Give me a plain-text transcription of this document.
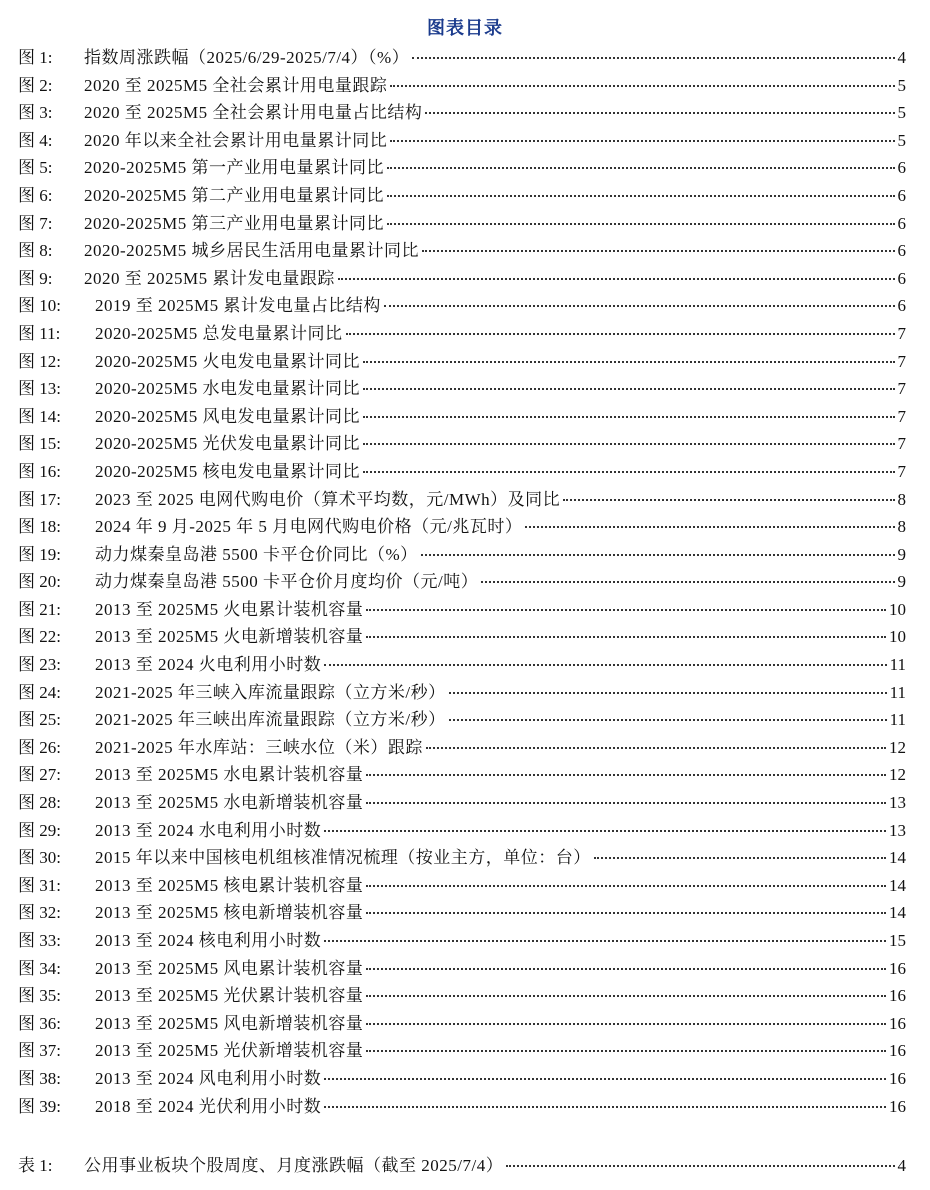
图表目录
图 1:	指数周涨跌幅（2025/6/29-2025/7/4）（%）	4
图 2:	2020 至 2025M5 全社会累计用电量跟踪	5
图 3:	2020 至 2025M5 全社会累计用电量占比结构	5
图 4:	2020 年以来全社会累计用电量累计同比	5
图 5:	2020-2025M5 第一产业用电量累计同比	6
图 6:	2020-2025M5 第二产业用电量累计同比	6
图 7:	2020-2025M5 第三产业用电量累计同比	6
图 8:	2020-2025M5 城乡居民生活用电量累计同比	6
图 9:	2020 至 2025M5 累计发电量跟踪	6
图 10:	2019 至 2025M5 累计发电量占比结构	6
图 11:	2020-2025M5 总发电量累计同比	7
图 12:	2020-2025M5 火电发电量累计同比	7
图 13:	2020-2025M5 水电发电量累计同比	7
图 14:	2020-2025M5 风电发电量累计同比	7
图 15:	2020-2025M5 光伏发电量累计同比	7
图 16:	2020-2025M5 核电发电量累计同比	7
图 17:	2023 至 2025 电网代购电价（算术平均数，元/MWh）及同比	8
图 18:	2024 年 9 月-2025 年 5 月电网代购电价格（元/兆瓦时）	8
图 19:	动力煤秦皇岛港 5500 卡平仓价同比（%）	9
图 20:	动力煤秦皇岛港 5500 卡平仓价月度均价（元/吨）	9
图 21:	2013 至 2025M5 火电累计装机容量	10
图 22:	2013 至 2025M5 火电新增装机容量	10
图 23:	2013 至 2024 火电利用小时数	11
图 24:	2021-2025 年三峡入库流量跟踪（立方米/秒）	11
图 25:	2021-2025 年三峡出库流量跟踪（立方米/秒）	11
图 26:	2021-2025 年水库站：三峡水位（米）跟踪	12
图 27:	2013 至 2025M5 水电累计装机容量	12
图 28:	2013 至 2025M5 水电新增装机容量	13
图 29:	2013 至 2024 水电利用小时数	13
图 30:	2015 年以来中国核电机组核准情况梳理（按业主方，单位：台）	14
图 31:	2013 至 2025M5 核电累计装机容量	14
图 32:	2013 至 2025M5 核电新增装机容量	14
图 33:	2013 至 2024 核电利用小时数	15
图 34:	2013 至 2025M5 风电累计装机容量	16
图 35:	2013 至 2025M5 光伏累计装机容量	16
图 36:	2013 至 2025M5 风电新增装机容量	16
图 37:	2013 至 2025M5 光伏新增装机容量	16
图 38:	2013 至 2024 风电利用小时数	16
图 39:	2018 至 2024 光伏利用小时数	16
表 1:	公用事业板块个股周度、月度涨跌幅（截至 2025/7/4）	4
